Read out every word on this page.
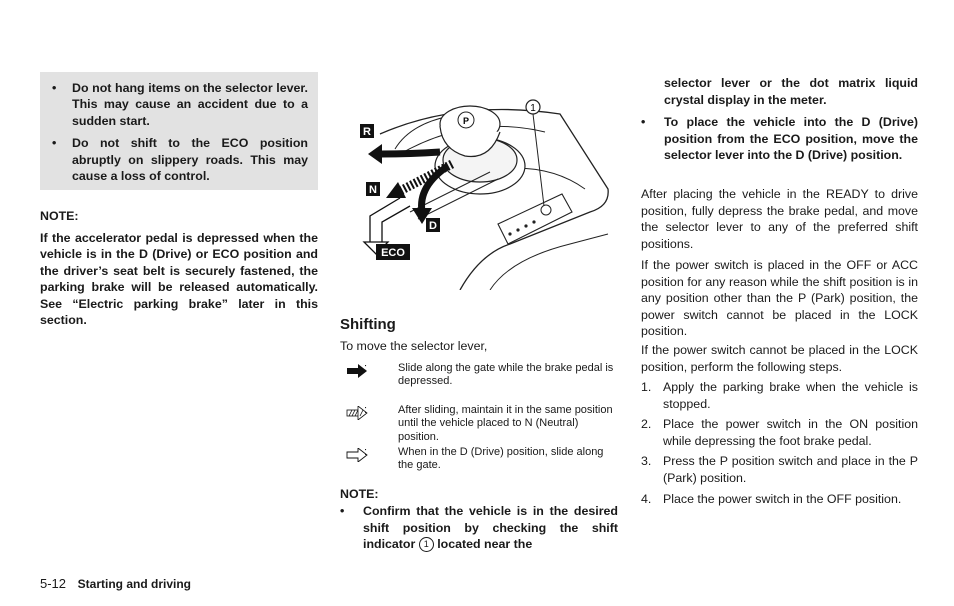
• Do not hang items on the selector lever. This may cause an accident due to a sudden start.
• Do not shift to the ECO position abruptly on slippery roads. This may cause a loss of control.
NOTE:

If the accelerator pedal is depressed when the vehicle is in the D (Drive) or ECO position and the driver’s seat belt is securely fastened, the parking brake will be released automatically. See “Electric parking brake” later in this section.

P
R
N
D
ECO
1
Shifting
To move the selector lever,
:	Slide along the gate while the brake pedal is depressed.
:	After sliding, maintain it in the same position until the vehicle placed to N (Neutral) position.
:	When in the D (Drive) position, slide along the gate.
NOTE:
• Confirm that the vehicle is in the desired shift position by checking the shift indicator 1 located near the
selector lever or the dot matrix liquid crystal display in the meter.
• To place the vehicle into the D (Drive) position from the ECO position, move the selector lever into the D (Drive) position.

After placing the vehicle in the READY to drive position, fully depress the brake pedal, and move the selector lever to any of the preferred shift positions.

If the power switch is placed in the OFF or ACC position for any reason while the shift position is in any position other than the P (Park) position, the power switch cannot be placed in the LOCK position.

If the power switch cannot be placed in the LOCK position, perform the following steps.

1. Apply the parking brake when the vehicle is stopped.
2. Place the power switch in the ON position while depressing the foot brake pedal.
3. Press the P position switch and place in the P (Park) position.
4. Place the power switch in the OFF position.
5-12 Starting and driving
